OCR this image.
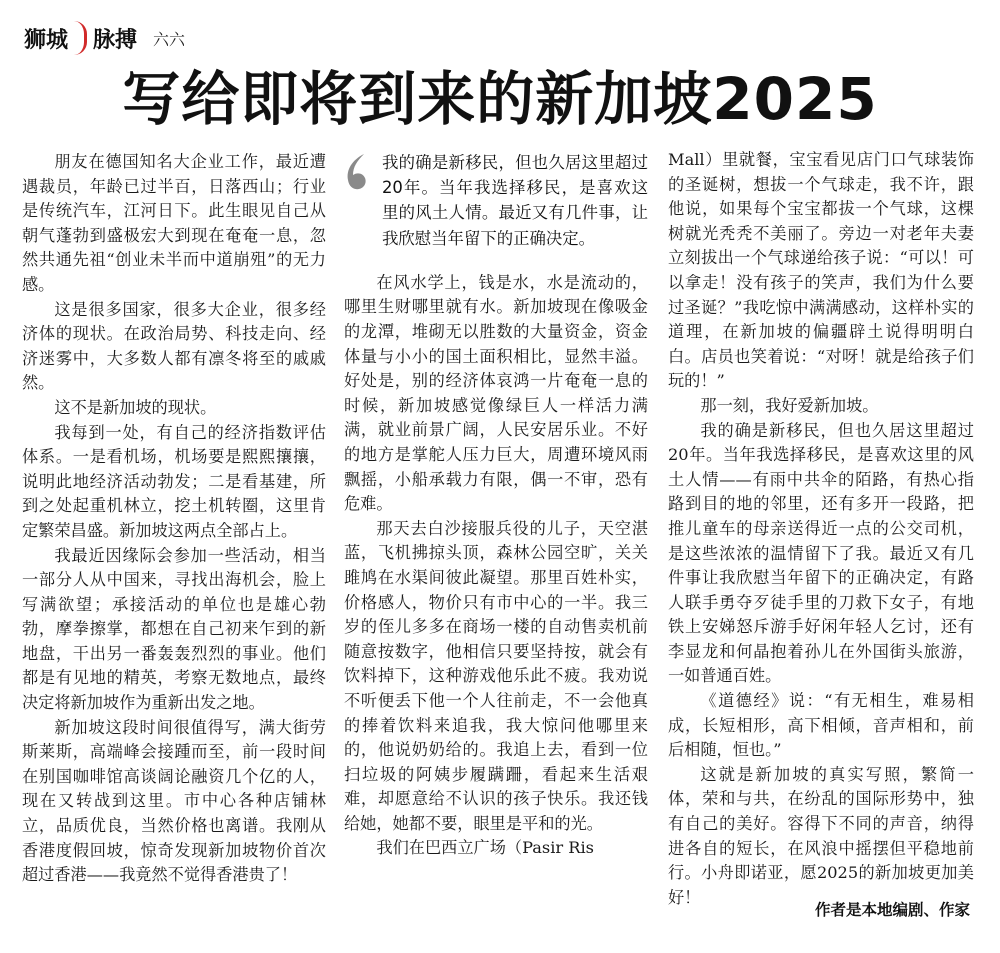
狮城 脉搏 六六
写给即将到来的新加坡2025

朋友在德国知名大企业工作，最近遭遇裁员，年龄已过半百，日落西山；行业是传统汽车，江河日下。此生眼见自己从朝气蓬勃到盛极宏大到现在奄奄一息，忽然共通先祖“创业未半而中道崩殂”的无力感。

这是很多国家，很多大企业，很多经济体的现状。在政治局势、科技走向、经济迷雾中，大多数人都有凛冬将至的戚戚然。

这不是新加坡的现状。

我每到一处，有自己的经济指数评估体系。一是看机场，机场要是熙熙攘攘，说明此地经济活动勃发；二是看基建，所到之处起重机林立，挖土机转圈，这里肯定繁荣昌盛。新加坡这两点全部占上。

我最近因缘际会参加一些活动，相当一部分人从中国来，寻找出海机会，脸上写满欲望；承接活动的单位也是雄心勃勃，摩拳擦掌，都想在自己初来乍到的新地盘，干出另一番轰轰烈烈的事业。他们都是有见地的精英，考察无数地点，最终决定将新加坡作为重新出发之地。

新加坡这段时间很值得写，满大街劳斯莱斯，高端峰会接踵而至，前一段时间在别国咖啡馆高谈阔论融资几个亿的人，现在又转战到这里。市中心各种店铺林立，品质优良，当然价格也离谱。我刚从香港度假回坡，惊奇发现新加坡物价首次超过香港——我竟然不觉得香港贵了！

我的确是新移民，但也久居这里超过20年。当年我选择移民，是喜欢这里的风土人情。最近又有几件事，让我欣慰当年留下的正确决定。

在风水学上，钱是水，水是流动的，哪里生财哪里就有水。新加坡现在像吸金的龙潭，堆砌无以胜数的大量资金，资金体量与小小的国土面积相比，显然丰溢。好处是，别的经济体哀鸿一片奄奄一息的时候，新加坡感觉像绿巨人一样活力满满，就业前景广阔，人民安居乐业。不好的地方是掌舵人压力巨大，周遭环境风雨飘摇，小船承载力有限，偶一不审，恐有危难。

那天去白沙接服兵役的儿子，天空湛蓝，飞机拂掠头顶，森林公园空旷，关关雎鸠在水渠间彼此凝望。那里百姓朴实，价格感人，物价只有市中心的一半。我三岁的侄儿多多在商场一楼的自动售卖机前随意按数字，他相信只要坚持按，就会有饮料掉下，这种游戏他乐此不疲。我劝说不听便丢下他一个人往前走，不一会他真的捧着饮料来追我，我大惊问他哪里来的，他说奶奶给的。我追上去，看到一位扫垃圾的阿姨步履蹒跚，看起来生活艰难，却愿意给不认识的孩子快乐。我还钱给她，她都不要，眼里是平和的光。

我们在巴西立广场（Pasir Ris

Mall）里就餐，宝宝看见店门口气球装饰的圣诞树，想拔一个气球走，我不许，跟他说，如果每个宝宝都拔一个气球，这棵树就光秃秃不美丽了。旁边一对老年夫妻立刻拔出一个气球递给孩子说：“可以！可以拿走！没有孩子的笑声，我们为什么要过圣诞？”我吃惊中满满感动，这样朴实的道理，在新加坡的偏疆辟土说得明明白白。店员也笑着说：“对呀！就是给孩子们玩的！”

那一刻，我好爱新加坡。

我的确是新移民，但也久居这里超过20年。当年我选择移民，是喜欢这里的风土人情——有雨中共伞的陌路，有热心指路到目的地的邻里，还有多开一段路，把推儿童车的母亲送得近一点的公交司机，是这些浓浓的温情留下了我。最近又有几件事让我欣慰当年留下的正确决定，有路人联手勇夺歹徒手里的刀救下女子，有地铁上安娣怒斥游手好闲年轻人乞讨，还有李显龙和何晶抱着孙儿在外国街头旅游，一如普通百姓。

《道德经》说：“有无相生，难易相成，长短相形，高下相倾，音声相和，前后相随，恒也。”

这就是新加坡的真实写照，繁简一体，荣和与共，在纷乱的国际形势中，独有自己的美好。容得下不同的声音，纳得进各自的短长，在风浪中摇摆但平稳地前行。小舟即诺亚，愿2025的新加坡更加美好！

作者是本地编剧、作家
